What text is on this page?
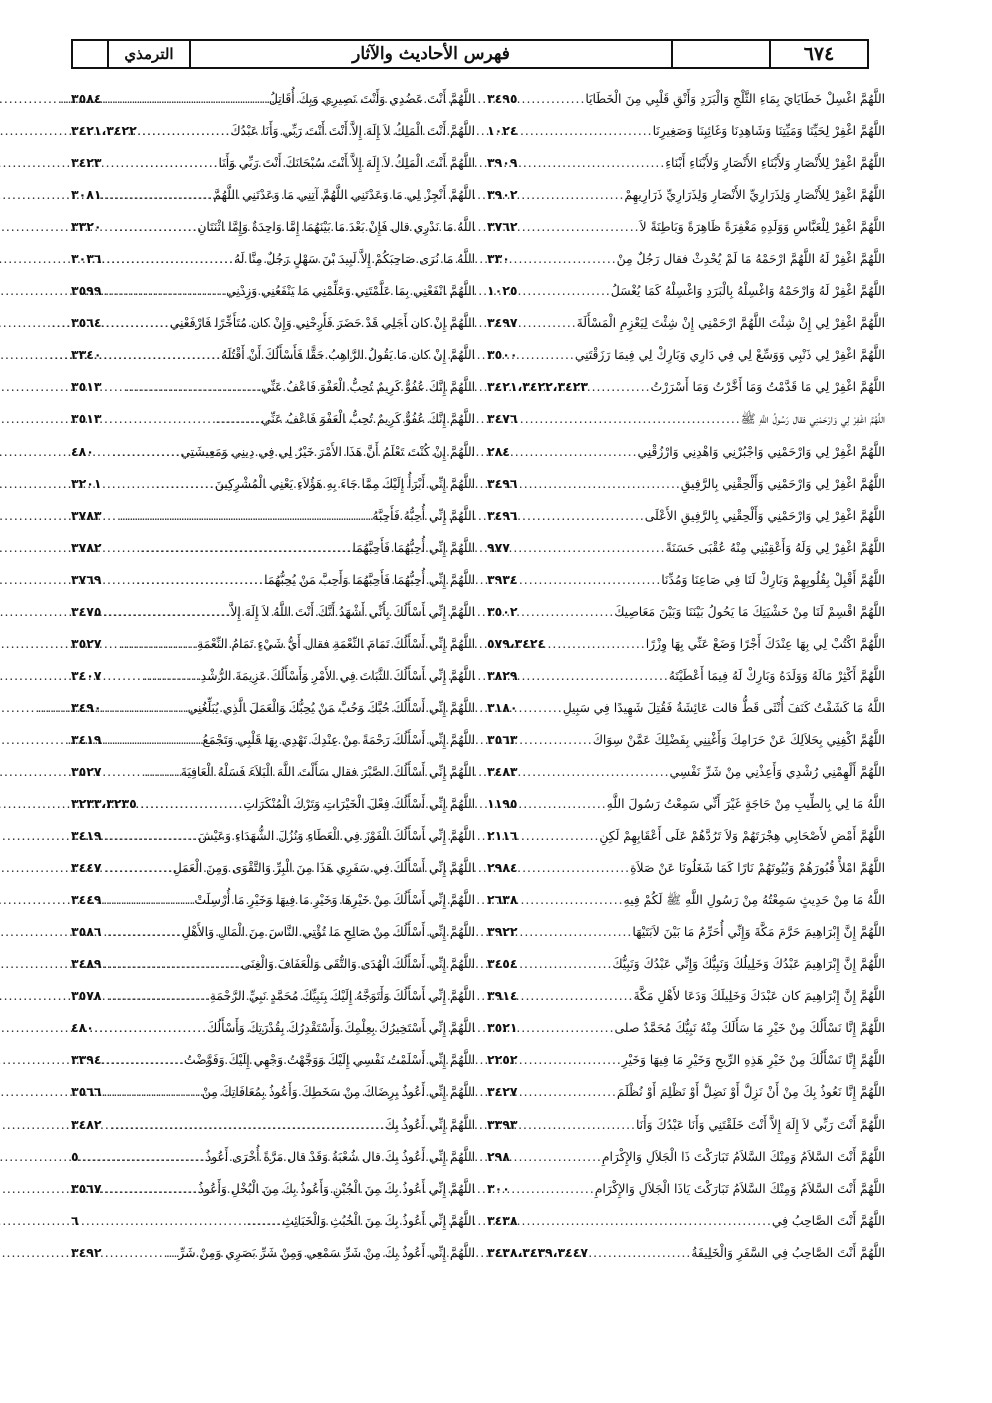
٦٧٤
فهرس الأحاديث والآثار
الترمذي
اللَّهُمَّ اغْسِلْ خَطَايَايَ بِمَاءِ الثَّلْجِ وَالْبَرَدِ وَأَنْقِ قَلْبِي مِنَ الْخَطَايَا
.....
٣٤٩٥
اللَّهُمَّ اغْفِرْ لِحَيِّنَا وَمَيِّتِنَا وَشَاهِدِنَا وَغَائِبِنَا وَصَغِيرِنَا
.....
١٠٢٤
اللَّهُمَّ اغْفِرْ لِلأَنْصَارِ وَلأَبْنَاءِ الأَنْصَارِ وَلأَبْنَاءِ أَبْنَاءِ
.....
٣٩٠٩
اللَّهُمَّ اغْفِرْ لِلأَنْصَارِ وَلِذَرَارِيِّ الأَنْصَارِ وَلِذَرَارِيِّ ذَرَارِيهِمْ
.....
٣٩٠٢
اللَّهُمَّ اغْفِرْ لِلْعَبَّاسِ وَوَلَدِهِ مَغْفِرَةً ظَاهِرَةً وَبَاطِنَةً لاَ
.....
٣٧٦٢
اللَّهُمَّ اغْفِرْ لَهُ اللَّهُمَّ ارْحَمْهُ مَا لَمْ يُحْدِثْ فقال رَجُلٌ مِنْ
.....
٣٣٠
اللَّهُمَّ اغْفِرْ لَهُ وَارْحَمْهُ وَاغْسِلْهُ بِالْبَرَدِ وَاغْسِلْهُ كَمَا يُغْسَلُ
.....
١٠٢٥
اللَّهُمَّ اغْفِرْ لِي إِنْ شِئْتَ اللَّهُمَّ ارْحَمْنِي إِنْ شِئْتَ لِيَعْزِمِ الْمَسْأَلَةَ
.....
٣٤٩٧
اللَّهُمَّ اغْفِرْ لِي ذَنْبِي وَوَسِّعْ لِي فِي دَارِي وَبَارِكْ لِي فِيمَا رَزَقْتَنِي
.....
٣٥٠٠
اللَّهُمَّ اغْفِرْ لِي مَا قَدَّمْتُ وَمَا أَخَّرْتُ وَمَا أَسْرَرْتُ
.....
٣٤٢١،٣٤٢٢،٣٤٢٣
اللَّهُمَّ اغْفِرْ لِي وَارْحَمْنِي فقال رَسُولُ اللَّهِ ﷺ
.....
٣٤٧٦
اللَّهُمَّ اغْفِرْ لِي وَارْحَمْنِي وَاجْبُرْنِي وَاهْدِنِي وَارْزُقْنِي
.....
٢٨٤
اللَّهُمَّ اغْفِرْ لِي وَارْحَمْنِي وَأَلْحِقْنِي بِالرَّفِيقِ
.....
٣٤٩٦
اللَّهُمَّ اغْفِرْ لِي وَارْحَمْنِي وَأَلْحِقْنِي بِالرَّفِيقِ الأَعْلَى
.....
٣٤٩٦
اللَّهُمَّ اغْفِرْ لِي وَلَهُ وَأَعْقِبْنِي مِنْهُ عُقْبَى حَسَنَةً
.....
٩٧٧
اللَّهُمَّ أَقْبِلْ بِقُلُوبِهِمْ وَبَارِكْ لَنَا فِي صَاعِنَا وَمُدِّنَا
.....
٣٩٣٤
اللَّهُمَّ اقْسِمْ لَنَا مِنْ خَشْيَتِكَ مَا يَحُولُ بَيْنَنَا وَبَيْنَ مَعَاصِيكَ
.....
٣٥٠٢
اللَّهُمَّ اكْتُبْ لِي بِهَا عِنْدَكَ أَجْرًا وَضَعْ عَنِّي بِهَا وِزْرًا
.....
٥٧٩،٣٤٢٤
اللَّهُمَّ أَكْثِرْ مَالَهُ وَوَلَدَهُ وَبَارِكْ لَهُ فِيمَا أَعْطَيْتَهُ
.....
٣٨٢٩
اللَّهُ مَا كَشَفْتُ كَنَفَ أُنْثَى قَطُّ قالت عَائِشَةُ فَقُتِلَ شَهِيدًا فِي سَبِيلِ
.....
٣١٨٠
اللَّهُمَّ اكْفِنِي بِحَلاَلِكَ عَنْ حَرَامِكَ وَأَغْنِنِي بِفَضْلِكَ عَمَّنْ سِوَاكَ
.....
٣٥٦٣
اللَّهُمَّ أَلْهِمْنِي رُشْدِي وَأَعِذْنِي مِنْ شَرِّ نَفْسِي
.....
٣٤٨٣
اللَّهُ مَا لِي بِالطِّيبِ مِنْ حَاجَةٍ غَيْرَ أَنِّي سَمِعْتُ رَسُولَ اللَّهِ
.....
١١٩٥
اللَّهُمَّ أَمْضِ لأَصْحَابِي هِجْرَتَهُمْ وَلاَ تَرُدَّهُمْ عَلَى أَعْقَابِهِمْ لَكِنِ
.....
٢١١٦
اللَّهُمَّ امْلأْ قُبُورَهُمْ وَبُيُوتَهُمْ نَارًا كَمَا شَغَلُونَا عَنْ صَلاَةِ
.....
٢٩٨٤
اللَّهُ مَا مِنْ حَدِيثٍ سَمِعْتُهُ مِنْ رَسُولِ اللَّهِ ﷺ لَكُمْ فِيهِ
.....
٢٦٣٨
اللَّهُمَّ إِنَّ إِبْرَاهِيمَ حَرَّمَ مَكَّةَ وَإِنِّي أُحَرِّمُ مَا بَيْنَ لاَبَتَيْهَا
.....
٣٩٢٢
اللَّهُمَّ إِنَّ إِبْرَاهِيمَ عَبْدُكَ وَخَلِيلُكَ وَنَبِيُّكَ وَإِنِّي عَبْدُكَ وَنَبِيُّكَ
.....
٣٤٥٤
اللَّهُمَّ إِنَّ إِبْرَاهِيمَ كان عَبْدَكَ وَخَلِيلَكَ وَدَعَا لأَهْلِ مَكَّةَ
.....
٣٩١٤
اللَّهُمَّ إِنَّا نَسْأَلُكَ مِنْ خَيْرِ مَا سَأَلَكَ مِنْهُ نَبِيُّكَ مُحَمَّدٌ صلى
.....
٣٥٢١
اللَّهُمَّ إِنَّا نَسْأَلُكَ مِنْ خَيْرِ هَذِهِ الرِّيحِ وَخَيْرِ مَا فِيهَا وَخَيْرِ
.....
٢٢٥٢
اللَّهُمَّ إِنَّا نَعُوذُ بِكَ مِنْ أَنْ نَزِلَّ أَوْ نَضِلَّ أَوْ نَظْلِمَ أَوْ نُظْلَمَ
.....
٣٤٢٧
اللَّهُمَّ أَنْتَ رَبِّي لاَ إِلَهَ إِلاَّ أَنْتَ خَلَقْتَنِي وَأَنَا عَبْدُكَ وَأَنَا
.....
٣٣٩٣
اللَّهُمَّ أَنْتَ السَّلاَمُ وَمِنْكَ السَّلاَمُ تَبَارَكْتَ ذَا الْجَلاَلِ وَالإِكْرَامِ
.....
٢٩٨
اللَّهُمَّ أَنْتَ السَّلاَمُ وَمِنْكَ السَّلاَمُ تَبَارَكْتَ يَاذَا الْجَلاَلِ وَالإِكْرَامِ
.....
٣٠٠
اللَّهُمَّ أَنْتَ الصَّاحِبُ فِي
.....
٣٤٣٨
اللَّهُمَّ أَنْتَ الصَّاحِبُ فِي السَّفَرِ وَالْخَلِيفَةُ
.....
٣٤٣٨،٣٤٣٩،٣٤٤٧
اللَّهُمَّ أَنْتَ عَضُدِي وَأَنْتَ نَصِيرِي وَبِكَ أُقَاتِلُ
.....
٣٥٨٤
اللَّهُمَّ أَنْتَ الْمَلِكُ لاَ إِلَهَ إِلاَّ أَنْتَ أَنْتَ رَبِّي وَأَنَا عَبْدُكَ
.....
٣٤٢١،٣٤٢٢
اللَّهُمَّ أَنْتَ الْمَلِكُ لاَ إِلَهَ إِلاَّ أَنْتَ سُبْحَانَكَ أَنْتَ رَبِّي وَأَنَا
.....
٣٤٢٣
اللَّهُمَّ أَنْجِزْ لِي مَا وَعَدْتَنِي اللَّهُمَّ آتِنِي مَا وَعَدْتَنِي اللَّهُمَّ
.....
٣٠٨١
اللَّهُ مَا نَدْرِي قال فَإِنْ بَعْدَ مَا بَيْنَهُمَا إِمَّا وَاحِدَةٌ وَإِمَّا اثْنَتَانِ
.....
٣٣٢٠
اللَّهُ مَا نُرَى صَاحِبَكُمْ إِلاَّ لَبِيدَ بْنَ سَهْلٍ رَجُلٌ مِنَّا لَهُ
.....
٣٠٣٦
اللَّهُمَّ انْفَعْنِي بِمَا عَلَّمْتَنِي وَعَلِّمْنِي مَا يَنْفَعُنِي وَزِدْنِي
.....
٣٥٩٩
اللَّهُمَّ إِنْ كان أَجَلِي قَدْ حَضَرَ فَأَرِحْنِي وَإِنْ كان مُتَأَخِّرًا فَارْفَعْنِي
.....
٣٥٦٤
اللَّهُمَّ إِنْ كان مَا يَقُولُ الرَّاهِبُ حَقًّا فَأَسْأَلُكَ أَنْ أَقْتُلَهُ
.....
٣٣٤٠
اللَّهُمَّ إِنَّكَ عُفُوٌّ كَرِيمٌ تُحِبُّ الْعَفْوَ فَاعْفُ عَنِّي
.....
٣٥١٣
اللَّهُمَّ إِنَّكَ عُفُوٌّ كَرِيمٌ تُحِبُّ الْعَفْوَ فَاعْفُ عَنِّي
.....
٣٥١٣
اللَّهُمَّ إِنْ كُنْتَ تَعْلَمُ أَنَّ هَذَا الأَمْرَ خَيْرٌ لِي فِي دِينِي وَمَعِيشَتِي
.....
٤٨٠
اللَّهُمَّ إِنِّي أَبْرَأُ إِلَيْكَ مِمَّا جَاءَ بِهِ هَؤُلاَءِ يَعْنِي الْمُشْرِكِينَ
.....
٣٢٠١
اللَّهُمَّ إِنِّي أُحِبُّهُ فَأَحِبَّهُ
.....
٣٧٨٣
اللَّهُمَّ إِنِّي أُحِبُّهُمَا فَأَحِبَّهُمَا
.....
٣٧٨٢
اللَّهُمَّ إِنِّي أُحِبُّهُمَا فَأَحِبَّهُمَا وَأَحِبَّ مَنْ يُحِبُّهُمَا
.....
٣٧٦٩
اللَّهُمَّ إِنِّي أَسْأَلُكَ بِأَنِّي أَشْهَدُ أَنَّكَ أَنْتَ اللَّهُ لاَ إِلَهَ إِلاَّ
.....
٣٤٧٥
اللَّهُمَّ إِنِّي أَسْأَلُكَ تَمَامَ النِّعْمَةِ فقال أَيُّ شَيْءٍ تَمَامُ النِّعْمَةِ
.....
٣٥٢٧
اللَّهُمَّ إِنِّي أَسْأَلُكَ الثَّبَاتَ فِي الأَمْرِ وَأَسْأَلُكَ عَزِيمَةَ الرُّشْدِ
.....
٣٤٠٧
اللَّهُمَّ إِنِّي أَسْأَلُكَ حُبَّكَ وَحُبَّ مَنْ يُحِبُّكَ وَالْعَمَلَ الَّذِي يُبَلِّغُنِي
.....
٣٤٩٠
اللَّهُمَّ إِنِّي أَسْأَلُكَ رَحْمَةً مِنْ عِنْدِكَ تَهْدِي بِهَا قَلْبِي وَتَجْمَعُ
.....
٣٤١٩
اللَّهُمَّ إِنِّي أَسْأَلُكَ الصَّبْرَ فقال سَأَلْتَ اللَّهَ الْبَلاَءَ فَسَلْهُ الْعَافِيَةَ
.....
٣٥٢٧
اللَّهُمَّ إِنِّي أَسْأَلُكَ فِعْلَ الْخَيْرَاتِ وَتَرْكَ الْمُنْكَرَاتِ
.....
٣٢٣٣،٣٢٣٥
اللَّهُمَّ إِنِّي أَسْأَلُكَ الْفَوْزَ فِي الْعَطَاءِ وَنُزُلَ الشُّهَدَاءِ وَعَيْشَ
.....
٣٤١٩
اللَّهُمَّ إِنِّي أَسْأَلُكَ فِي سَفَرِي هَذَا مِنَ الْبِرِّ وَالتَّقْوَى وَمِنَ الْعَمَلِ
.....
٣٤٤٧
اللَّهُمَّ إِنِّي أَسْأَلُكَ مِنْ خَيْرِهَا وَخَيْرِ مَا فِيهَا وَخَيْرِ مَا أُرْسِلَتْ
.....
٣٤٤٩
اللَّهُمَّ إِنِّي أَسْأَلُكَ مِنْ صَالِحِ مَا تُؤْتِي النَّاسَ مِنَ الْمَالِ وَالأَهْلِ
.....
٣٥٨٦
اللَّهُمَّ إِنِّي أَسْأَلُكَ الْهُدَى وَالتُّقَى وَالْعَفَافَ وَالْغِنَى
.....
٣٤٨٩
اللَّهُمَّ إِنِّي أَسْأَلُكَ وَأَتَوَجَّهُ إِلَيْكَ بِنَبِيِّكَ مُحَمَّدٍ نَبِيِّ الرَّحْمَةِ
.....
٣٥٧٨
اللَّهُمَّ إِنِّي أَسْتَخِيرُكَ بِعِلْمِكَ وَأَسْتَقْدِرُكَ بِقُدْرَتِكَ وَأَسْأَلُكَ
.....
٤٨٠
اللَّهُمَّ إِنِّي أَسْلَمْتُ نَفْسِي إِلَيْكَ وَوَجَّهْتُ وَجْهِي إِلَيْكَ وَفَوَّضْتُ
.....
٣٣٩٤
اللَّهُمَّ إِنِّي أَعُوذُ بِرِضَاكَ مِنْ سَخَطِكَ وَأَعُوذُ بِمُعَافَاتِكَ مِنْ
.....
٣٥٦٦
اللَّهُمَّ إِنِّي أَعُوذُ بِكَ
.....
٣٤٨٢
اللَّهُمَّ إِنِّي أَعُوذُ بِكَ قال شُعْبَةُ وَقَدْ قال مَرَّةً أُخْرَى أَعُوذُ
.....
٥
اللَّهُمَّ إِنِّي أَعُوذُ بِكَ مِنَ الْجُبْنِ وَأَعُوذُ بِكَ مِنَ الْبُخْلِ وَأَعُوذُ
.....
٣٥٦٧
اللَّهُمَّ إِنِّي أَعُوذُ بِكَ مِنَ الْخُبُثِ وَالْخَبَائِثِ
.....
٦
اللَّهُمَّ إِنِّي أَعُوذُ بِكَ مِنْ شَرِّ سَمْعِي وَمِنْ شَرِّ بَصَرِي وَمِنْ شَرِّ
.....
٣٤٩٢
